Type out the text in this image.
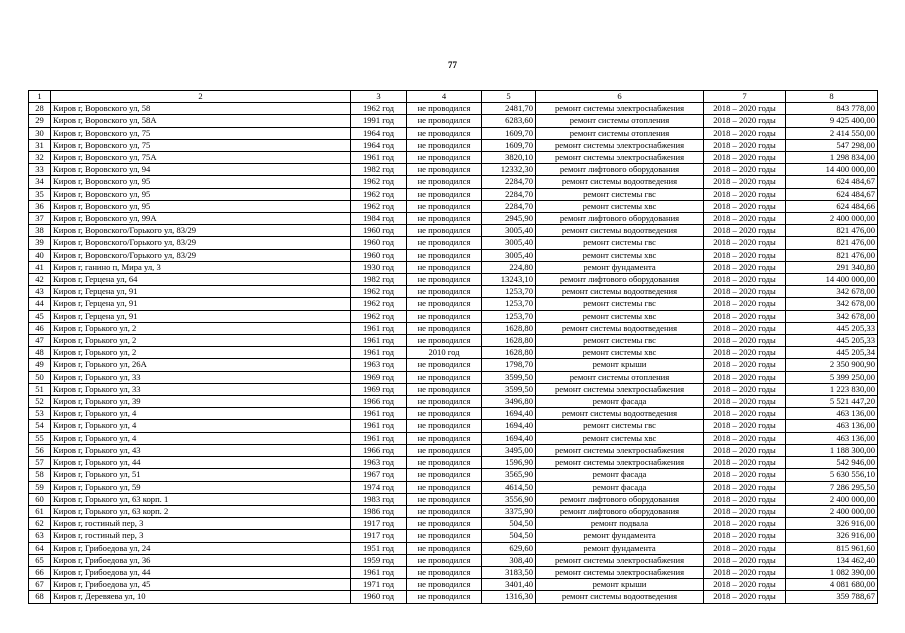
77
1	2	3	4	5	6	7	8
28	Киров г, Воровского ул, 58	1962 год	не проводился	2481,70	ремонт системы электроснабжения	2018 – 2020 годы	843 778,00
29	Киров г, Воровского ул, 58А	1991 год	не проводился	6283,60	ремонт системы отопления	2018 – 2020 годы	9 425 400,00
30	Киров г, Воровского ул, 75	1964 год	не проводился	1609,70	ремонт системы отопления	2018 – 2020 годы	2 414 550,00
31	Киров г, Воровского ул, 75	1964 год	не проводился	1609,70	ремонт системы электроснабжения	2018 – 2020 годы	547 298,00
32	Киров г, Воровского ул, 75А	1961 год	не проводился	3820,10	ремонт системы электроснабжения	2018 – 2020 годы	1 298 834,00
33	Киров г, Воровского ул, 94	1982 год	не проводился	12332,30	ремонт лифтового оборудования	2018 – 2020 годы	14 400 000,00
34	Киров г, Воровского ул, 95	1962 год	не проводился	2284,70	ремонт системы водоотведения	2018 – 2020 годы	624 484,67
35	Киров г, Воровского ул, 95	1962 год	не проводился	2284,70	ремонт системы гвс	2018 – 2020 годы	624 484,67
36	Киров г, Воровского ул, 95	1962 год	не проводился	2284,70	ремонт системы хвс	2018 – 2020 годы	624 484,66
37	Киров г, Воровского ул, 99А	1984 год	не проводился	2945,90	ремонт лифтового оборудования	2018 – 2020 годы	2 400 000,00
38	Киров г, Воровского/Горького ул, 83/29	1960 год	не проводился	3005,40	ремонт системы водоотведения	2018 – 2020 годы	821 476,00
39	Киров г, Воровского/Горького ул, 83/29	1960 год	не проводился	3005,40	ремонт системы гвс	2018 – 2020 годы	821 476,00
40	Киров г, Воровского/Горького ул, 83/29	1960 год	не проводился	3005,40	ремонт системы хвс	2018 – 2020 годы	821 476,00
41	Киров г, ганино п, Мира ул, 3	1930 год	не проводился	224,80	ремонт фундамента	2018 – 2020 годы	291 340,80
42	Киров г, Герцена ул, 64	1982 год	не проводился	13243,10	ремонт лифтового оборудования	2018 – 2020 годы	14 400 000,00
43	Киров г, Герцена ул, 91	1962 год	не проводился	1253,70	ремонт системы водоотведения	2018 – 2020 годы	342 678,00
44	Киров г, Герцена ул, 91	1962 год	не проводился	1253,70	ремонт системы гвс	2018 – 2020 годы	342 678,00
45	Киров г, Герцена ул, 91	1962 год	не проводился	1253,70	ремонт системы хвс	2018 – 2020 годы	342 678,00
46	Киров г, Горького ул, 2	1961 год	не проводился	1628,80	ремонт системы водоотведения	2018 – 2020 годы	445 205,33
47	Киров г, Горького ул, 2	1961 год	не проводился	1628,80	ремонт системы гвс	2018 – 2020 годы	445 205,33
48	Киров г, Горького ул, 2	1961 год	2010 год	1628,80	ремонт системы хвс	2018 – 2020 годы	445 205,34
49	Киров г, Горького ул, 26А	1963 год	не проводился	1798,70	ремонт крыши	2018 – 2020 годы	2 350 900,90
50	Киров г, Горького ул, 33	1969 год	не проводился	3599,50	ремонт системы отопления	2018 – 2020 годы	5 399 250,00
51	Киров г, Горького ул, 33	1969 год	не проводился	3599,50	ремонт системы электроснабжения	2018 – 2020 годы	1 223 830,00
52	Киров г, Горького ул, 39	1966 год	не проводился	3496,80	ремонт фасада	2018 – 2020 годы	5 521 447,20
53	Киров г, Горького ул, 4	1961 год	не проводился	1694,40	ремонт системы водоотведения	2018 – 2020 годы	463 136,00
54	Киров г, Горького ул, 4	1961 год	не проводился	1694,40	ремонт системы гвс	2018 – 2020 годы	463 136,00
55	Киров г, Горького ул, 4	1961 год	не проводился	1694,40	ремонт системы хвс	2018 – 2020 годы	463 136,00
56	Киров г, Горького ул, 43	1966 год	не проводился	3495,00	ремонт системы электроснабжения	2018 – 2020 годы	1 188 300,00
57	Киров г, Горького ул, 44	1963 год	не проводился	1596,90	ремонт системы электроснабжения	2018 – 2020 годы	542 946,00
58	Киров г, Горького ул, 51	1967 год	не проводился	3565,90	ремонт фасада	2018 – 2020 годы	5 630 556,10
59	Киров г, Горького ул, 59	1974 год	не проводился	4614,50	ремонт фасада	2018 – 2020 годы	7 286 295,50
60	Киров г, Горького ул, 63 корп. 1	1983 год	не проводился	3556,90	ремонт лифтового оборудования	2018 – 2020 годы	2 400 000,00
61	Киров г, Горького ул, 63 корп. 2	1986 год	не проводился	3375,90	ремонт лифтового оборудования	2018 – 2020 годы	2 400 000,00
62	Киров г, гостиный пер, 3	1917 год	не проводился	504,50	ремонт подвала	2018 – 2020 годы	326 916,00
63	Киров г, гостиный пер, 3	1917 год	не проводился	504,50	ремонт фундамента	2018 – 2020 годы	326 916,00
64	Киров г, Грибоедова ул, 24	1951 год	не проводился	629,60	ремонт фундамента	2018 – 2020 годы	815 961,60
65	Киров г, Грибоедова ул, 36	1959 год	не проводился	308,40	ремонт системы электроснабжения	2018 – 2020 годы	134 462,40
66	Киров г, Грибоедова ул, 44	1961 год	не проводился	3183,50	ремонт системы электроснабжения	2018 – 2020 годы	1 082 390,00
67	Киров г, Грибоедова ул, 45	1971 год	не проводился	3401,40	ремонт крыши	2018 – 2020 годы	4 081 680,00
68	Киров г, Деревяева ул, 10	1960 год	не проводился	1316,30	ремонт системы водоотведения	2018 – 2020 годы	359 788,67
